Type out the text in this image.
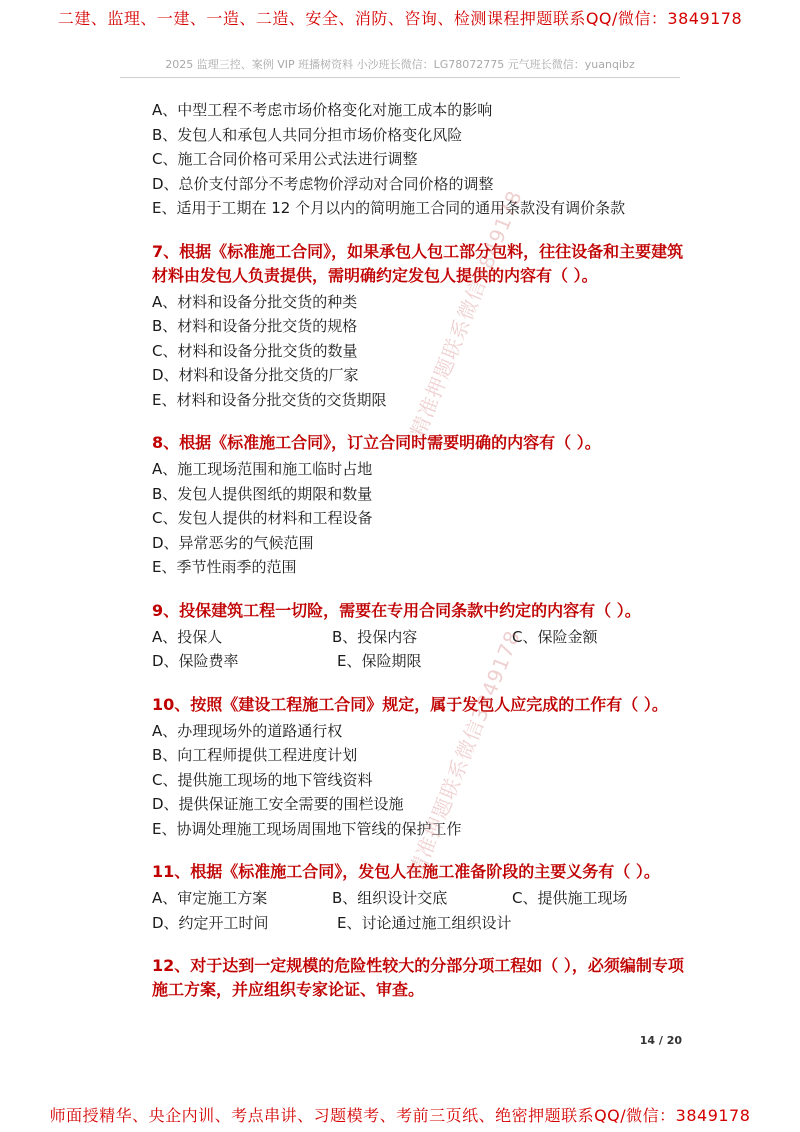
二建、监理、一建、一造、二造、安全、消防、咨询、检测课程押题联系QQ/微信：3849178
2025 监理三控、案例 VIP 班播树资料 小沙班长微信：LG78072775 元气班长微信：yuanqibz
A、中型工程不考虑市场价格变化对施工成本的影响
B、发包人和承包人共同分担市场价格变化风险
C、施工合同价格可采用公式法进行调整
D、总价支付部分不考虑物价浮动对合同价格的调整
E、适用于工期在 12 个月以内的简明施工合同的通用条款没有调价条款
7、根据《标准施工合同》，如果承包人包工部分包料，往往设备和主要建筑材料由发包人负责提供，需明确约定发包人提供的内容有（ ）。
A、材料和设备分批交货的种类
B、材料和设备分批交货的规格
C、材料和设备分批交货的数量
D、材料和设备分批交货的厂家
E、材料和设备分批交货的交货期限
8、根据《标准施工合同》，订立合同时需要明确的内容有（ ）。
A、施工现场范围和施工临时占地
B、发包人提供图纸的期限和数量
C、发包人提供的材料和工程设备
D、异常恶劣的气候范围
E、季节性雨季的范围
9、投保建筑工程一切险，需要在专用合同条款中约定的内容有（ ）。
A、投保人	B、投保内容	C、保险金额
D、保险费率	E、保险期限
10、按照《建设工程施工合同》规定，属于发包人应完成的工作有（ ）。
A、办理现场外的道路通行权
B、向工程师提供工程进度计划
C、提供施工现场的地下管线资料
D、提供保证施工安全需要的围栏设施
E、协调处理施工现场周围地下管线的保护工作
11、根据《标准施工合同》，发包人在施工准备阶段的主要义务有（ ）。
A、审定施工方案	B、组织设计交底	C、提供施工现场
D、约定开工时间	E、讨论通过施工组织设计
12、对于达到一定规模的危险性较大的分部分项工程如（ ），必须编制专项施工方案，并应组织专家论证、审查。
精准押题联系微信3849178
精准押题联系微信3849178
14 / 20
师面授精华、央企内训、考点串讲、习题模考、考前三页纸、绝密押题联系QQ/微信：3849178
